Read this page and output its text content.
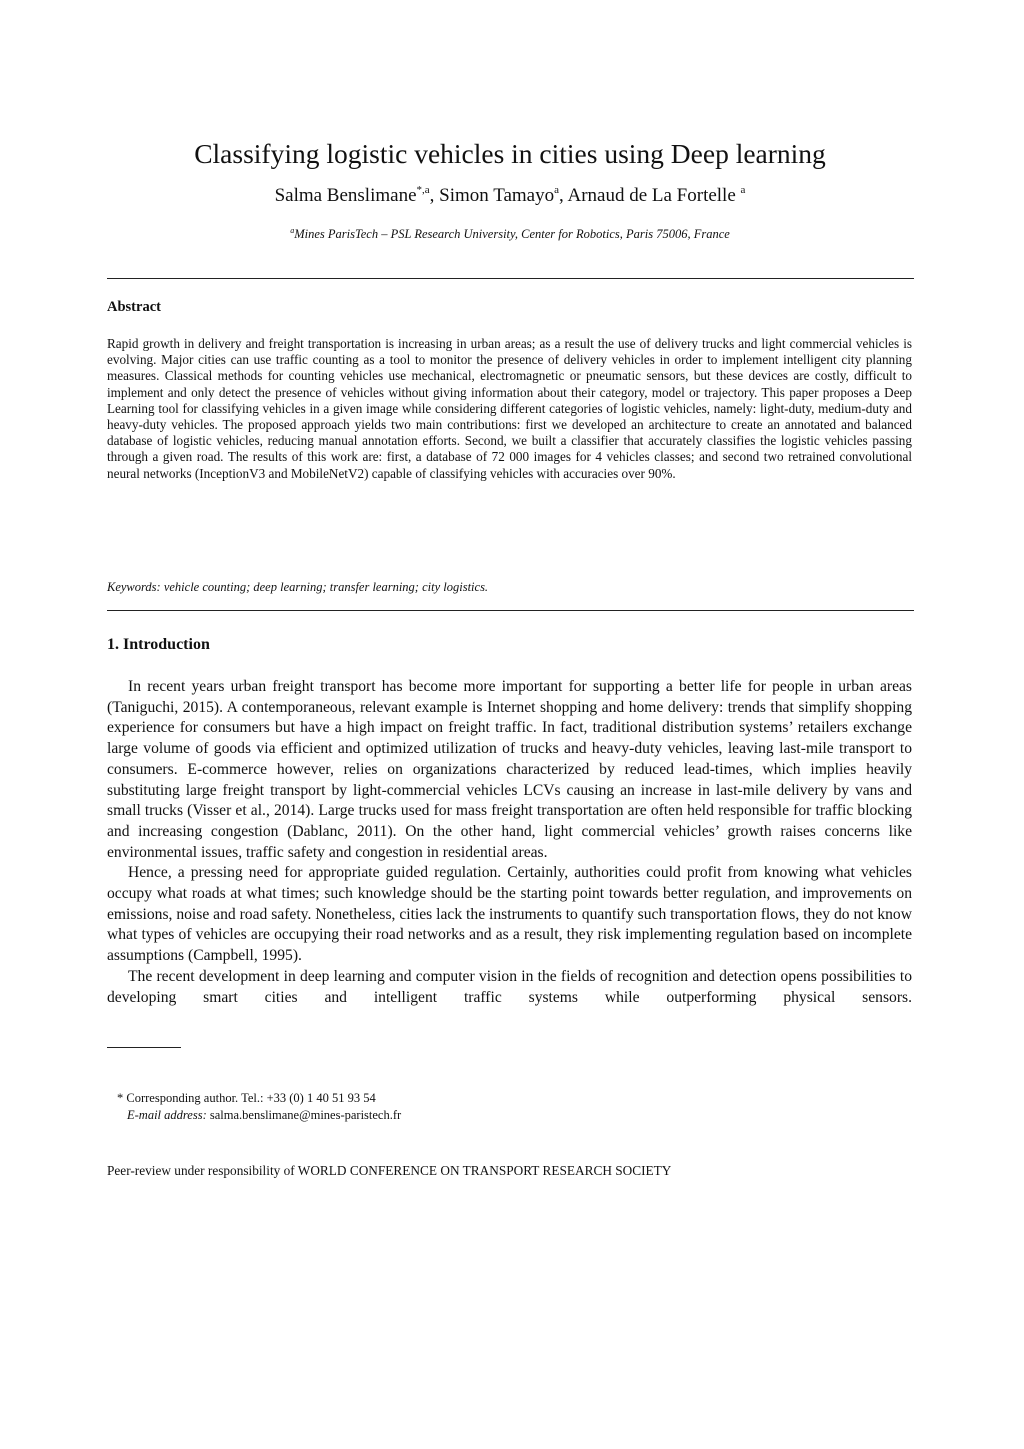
Classifying logistic vehicles in cities using Deep learning
Salma Benslimane$^{*,a}$, Simon Tamayo$^a$, Arnaud de La Fortelle $^a$
$^a$Mines ParisTech – PSL Research University, Center for Robotics, Paris 75006, France
Abstract

Rapid growth in delivery and freight transportation is increasing in urban areas; as a result the use of delivery trucks and light commercial vehicles is evolving. Major cities can use traffic counting as a tool to monitor the presence of delivery vehicles in order to implement intelligent city planning measures. Classical methods for counting vehicles use mechanical, electromagnetic or pneumatic sensors, but these devices are costly, difficult to implement and only detect the presence of vehicles without giving information about their category, model or trajectory. This paper proposes a Deep Learning tool for classifying vehicles in a given image while considering different categories of logistic vehicles, namely: light-duty, medium-duty and heavy-duty vehicles. The proposed approach yields two main contributions: first we developed an architecture to create an annotated and balanced database of logistic vehicles, reducing manual annotation efforts. Second, we built a classifier that accurately classifies the logistic vehicles passing through a given road. The results of this work are: first, a database of 72 000 images for 4 vehicles classes; and second two retrained convolutional neural networks (InceptionV3 and MobileNetV2) capable of classifying vehicles with accuracies over 90%.

Keywords: vehicle counting; deep learning; transfer learning; city logistics.
1. Introduction

In recent years urban freight transport has become more important for supporting a better life for people in urban areas (Taniguchi, 2015). A contemporaneous, relevant example is Internet shopping and home delivery: trends that simplify shopping experience for consumers but have a high impact on freight traffic. In fact, traditional distribution systems’ retailers exchange large volume of goods via efficient and optimized utilization of trucks and heavy-duty vehicles, leaving last-mile transport to consumers. E-commerce however, relies on organizations characterized by reduced lead-times, which implies heavily substituting large freight transport by light-commercial vehicles LCVs causing an increase in last-mile delivery by vans and small trucks (Visser et al., 2014). Large trucks used for mass freight transportation are often held responsible for traffic blocking and increasing congestion (Dablanc, 2011). On the other hand, light commercial vehicles’ growth raises concerns like environmental issues, traffic safety and congestion in residential areas.

Hence, a pressing need for appropriate guided regulation. Certainly, authorities could profit from knowing what vehicles occupy what roads at what times; such knowledge should be the starting point towards better regulation, and improvements on emissions, noise and road safety. Nonetheless, cities lack the instruments to quantify such transportation flows, they do not know what types of vehicles are occupying their road networks and as a result, they risk implementing regulation based on incomplete assumptions (Campbell, 1995).

The recent development in deep learning and computer vision in the fields of recognition and detection opens possibilities to developing smart cities and intelligent traffic systems while outperforming physical sensors.

* Corresponding author. Tel.: +33 (0) 1 40 51 93 54
E-mail address: salma.benslimane@mines-paristech.fr
Peer-review under responsibility of WORLD CONFERENCE ON TRANSPORT RESEARCH SOCIETY
